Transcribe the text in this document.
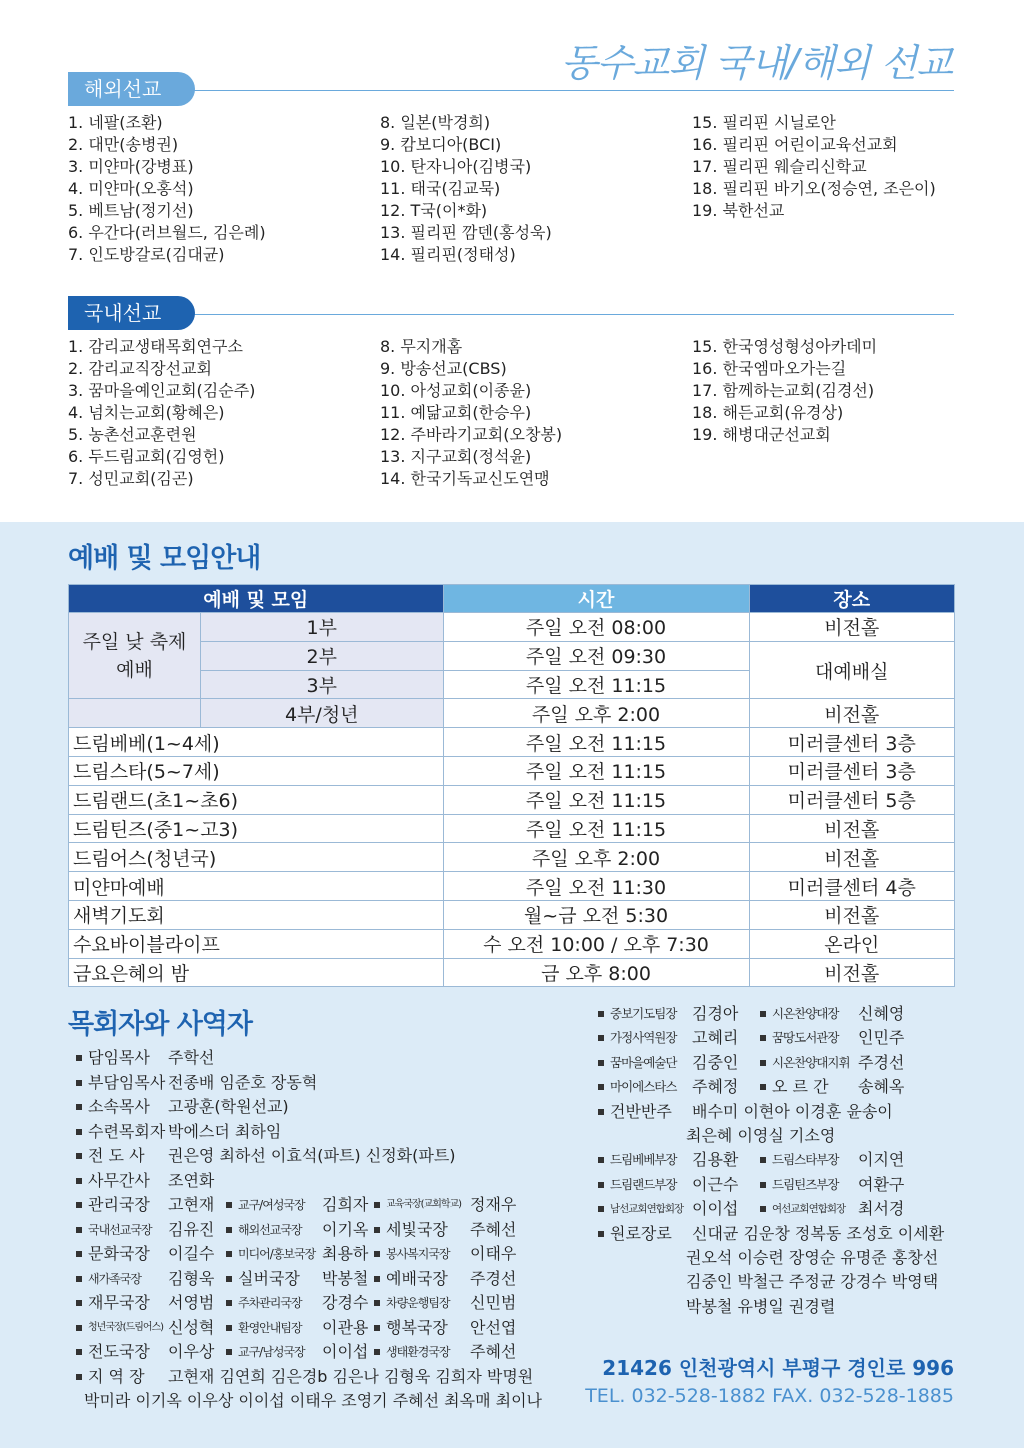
동수교회 국내/해외 선교
해외선교
1. 네팔(조환)
2. 대만(송병권)
3. 미얀마(강병표)
4. 미얀마(오홍석)
5. 베트남(정기선)
6. 우간다(러브월드, 김은례)
7. 인도방갈로(김대균)
8. 일본(박경희)
9. 캄보디아(BCI)
10. 탄자니아(김병국)
11. 태국(김교묵)
12. T국(이*화)
13. 필리핀 깜덴(홍성욱)
14. 필리핀(정태성)
15. 필리핀 시닐로안
16. 필리핀 어린이교육선교회
17. 필리핀 웨슬리신학교
18. 필리핀 바기오(정승연, 조은이)
19. 북한선교
국내선교
1. 감리교생태목회연구소
2. 감리교직장선교회
3. 꿈마을예인교회(김순주)
4. 넘치는교회(황혜은)
5. 농촌선교훈련원
6. 두드림교회(김영헌)
7. 성민교회(김곤)
8. 무지개홈
9. 방송선교(CBS)
10. 아성교회(이종윤)
11. 예닮교회(한승우)
12. 주바라기교회(오창봉)
13. 지구교회(정석윤)
14. 한국기독교신도연맹
15. 한국영성형성아카데미
16. 한국엠마오가는길
17. 함께하는교회(김경선)
18. 해든교회(유경상)
19. 해병대군선교회
예배 및 모임안내
예배 및 모임		시간	장소
주일 낮 축제 예배	1부	주일 오전 08:00	비전홀
	2부	주일 오전 09:30	대예배실
	3부	주일 오전 11:15	
	4부/청년	주일 오후 2:00	비전홀
드림베베(1~4세)		주일 오전 11:15	미러클센터 3층
드림스타(5~7세)		주일 오전 11:15	미러클센터 3층
드림랜드(초1~초6)		주일 오전 11:15	미러클센터 5층
드림틴즈(중1~고3)		주일 오전 11:15	비전홀
드림어스(청년국)		주일 오후 2:00	비전홀
미얀마예배		주일 오전 11:30	미러클센터 4층
새벽기도회		월~금 오전 5:30	비전홀
수요바이블라이프		수 오전 10:00 / 오후 7:30	온라인
금요은혜의 밤		금 오후 8:00	비전홀
목회자와 사역자
담임목사	주학선
부담임목사 전종배 임준호 장동혁
소속목사	고광훈(학원선교)
수련목회자 박에스더 최하임
전 도 사	권은영 최하선 이효석(파트) 신정화(파트)
사무간사	조연화
관리국장	고현재 교구/여성국장	김희자 교육국장(교회학교) 정재우
국내선교국장	김유진 해외선교국장	이기옥 세빛국장	주혜선
문화국장	이길수 미디어/홍보국장 최용하 봉사복지국장	이태우
새가족국장	김형욱 실버국장	박봉철 예배국장	주경선
재무국장	서영범 주차관리국장	강경수 차량운행팀장	신민범
청년국장(드림어스) 신성혁 환영안내팀장	이관용 행복국장	안선엽
전도국장	이우상 교구/남성국장	이이섭 생태환경국장	주혜선
지 역 장	고현재 김연희 김은경b 김은나 김형욱 김희자 박명원
박미라 이기옥 이우상 이이섭 이태우 조영기 주혜선 최옥매 최이나
중보기도팀장 김경아	시온찬양대장	신혜영
가정사역원장 고혜리	꿈땅도서관장	인민주
꿈마을예술단 김중인	시온찬양대지휘 주경선
마이에스타스 주혜정	오 르 간	송혜옥
건반반주	배수미 이현아 이경훈 윤송이
최은혜 이영실 기소영
드림베베부장 김용환	드림스타부장	이지연
드림랜드부장 이근수	드림틴즈부장	여환구
남선교회연합회장 이이섭	여선교회연합회장 최서경
원로장로	신대균 김운창 정복동 조성호 이세환
권오석 이승련 장영순 유명준 홍창선
김중인 박철근 주정균 강경수 박영택
박봉철 유병일 권경렬
21426 인천광역시 부평구 경인로 996
TEL. 032-528-1882 FAX. 032-528-1885
